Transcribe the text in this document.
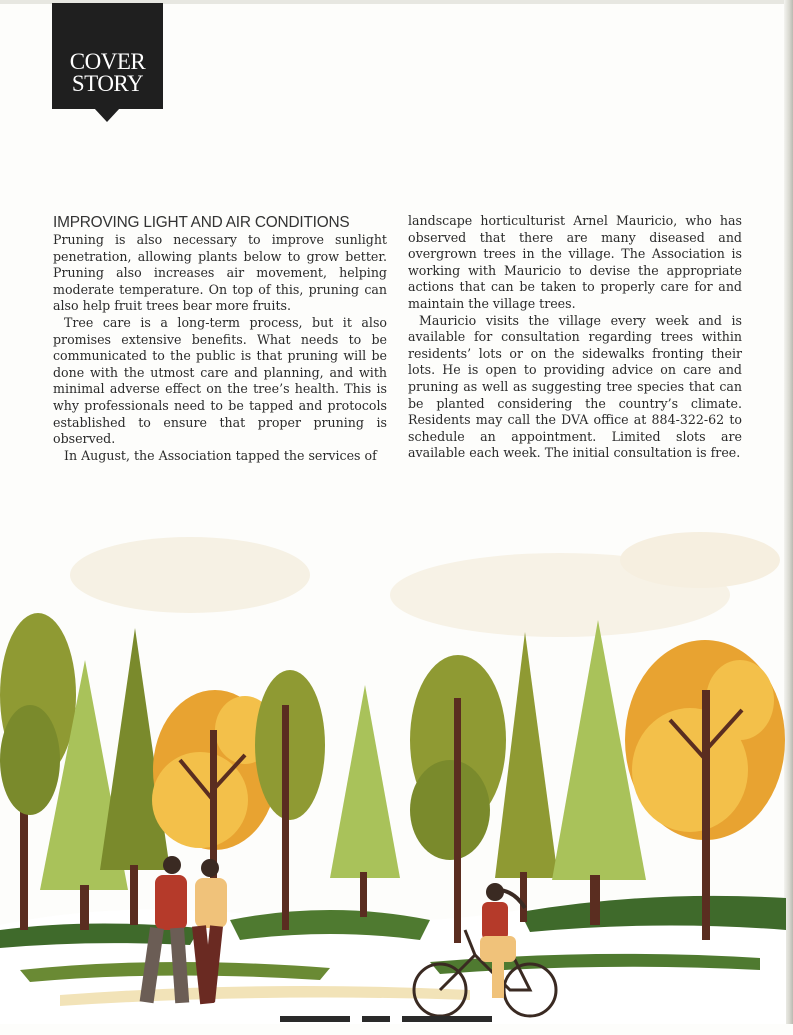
COVER
STORY
IMPROVING LIGHT AND AIR CONDITIONS

Pruning is also necessary to improve sunlight penetration, allowing plants below to grow better. Pruning also increases air movement, helping moderate temperature. On top of this, pruning can also help fruit trees bear more fruits.

Tree care is a long-term process, but it also promises extensive benefits. What needs to be communicated to the public is that pruning will be done with the utmost care and planning, and with minimal adverse effect on the tree’s health. This is why professionals need to be tapped and protocols established to ensure that proper pruning is observed.

In August, the Association tapped the services of

landscape horticulturist Arnel Mauricio, who has observed that there are many diseased and overgrown trees in the village. The Association is working with Mauricio to devise the appropriate actions that can be taken to properly care for and maintain the village trees.

Mauricio visits the village every week and is available for consultation regarding trees within residents’ lots or on the sidewalks fronting their lots. He is open to providing advice on care and pruning as well as suggesting tree species that can be planted considering the country’s climate. Residents may call the DVA office at 884-322-62 to schedule an appointment. Limited slots are available each week. The initial consultation is free.
